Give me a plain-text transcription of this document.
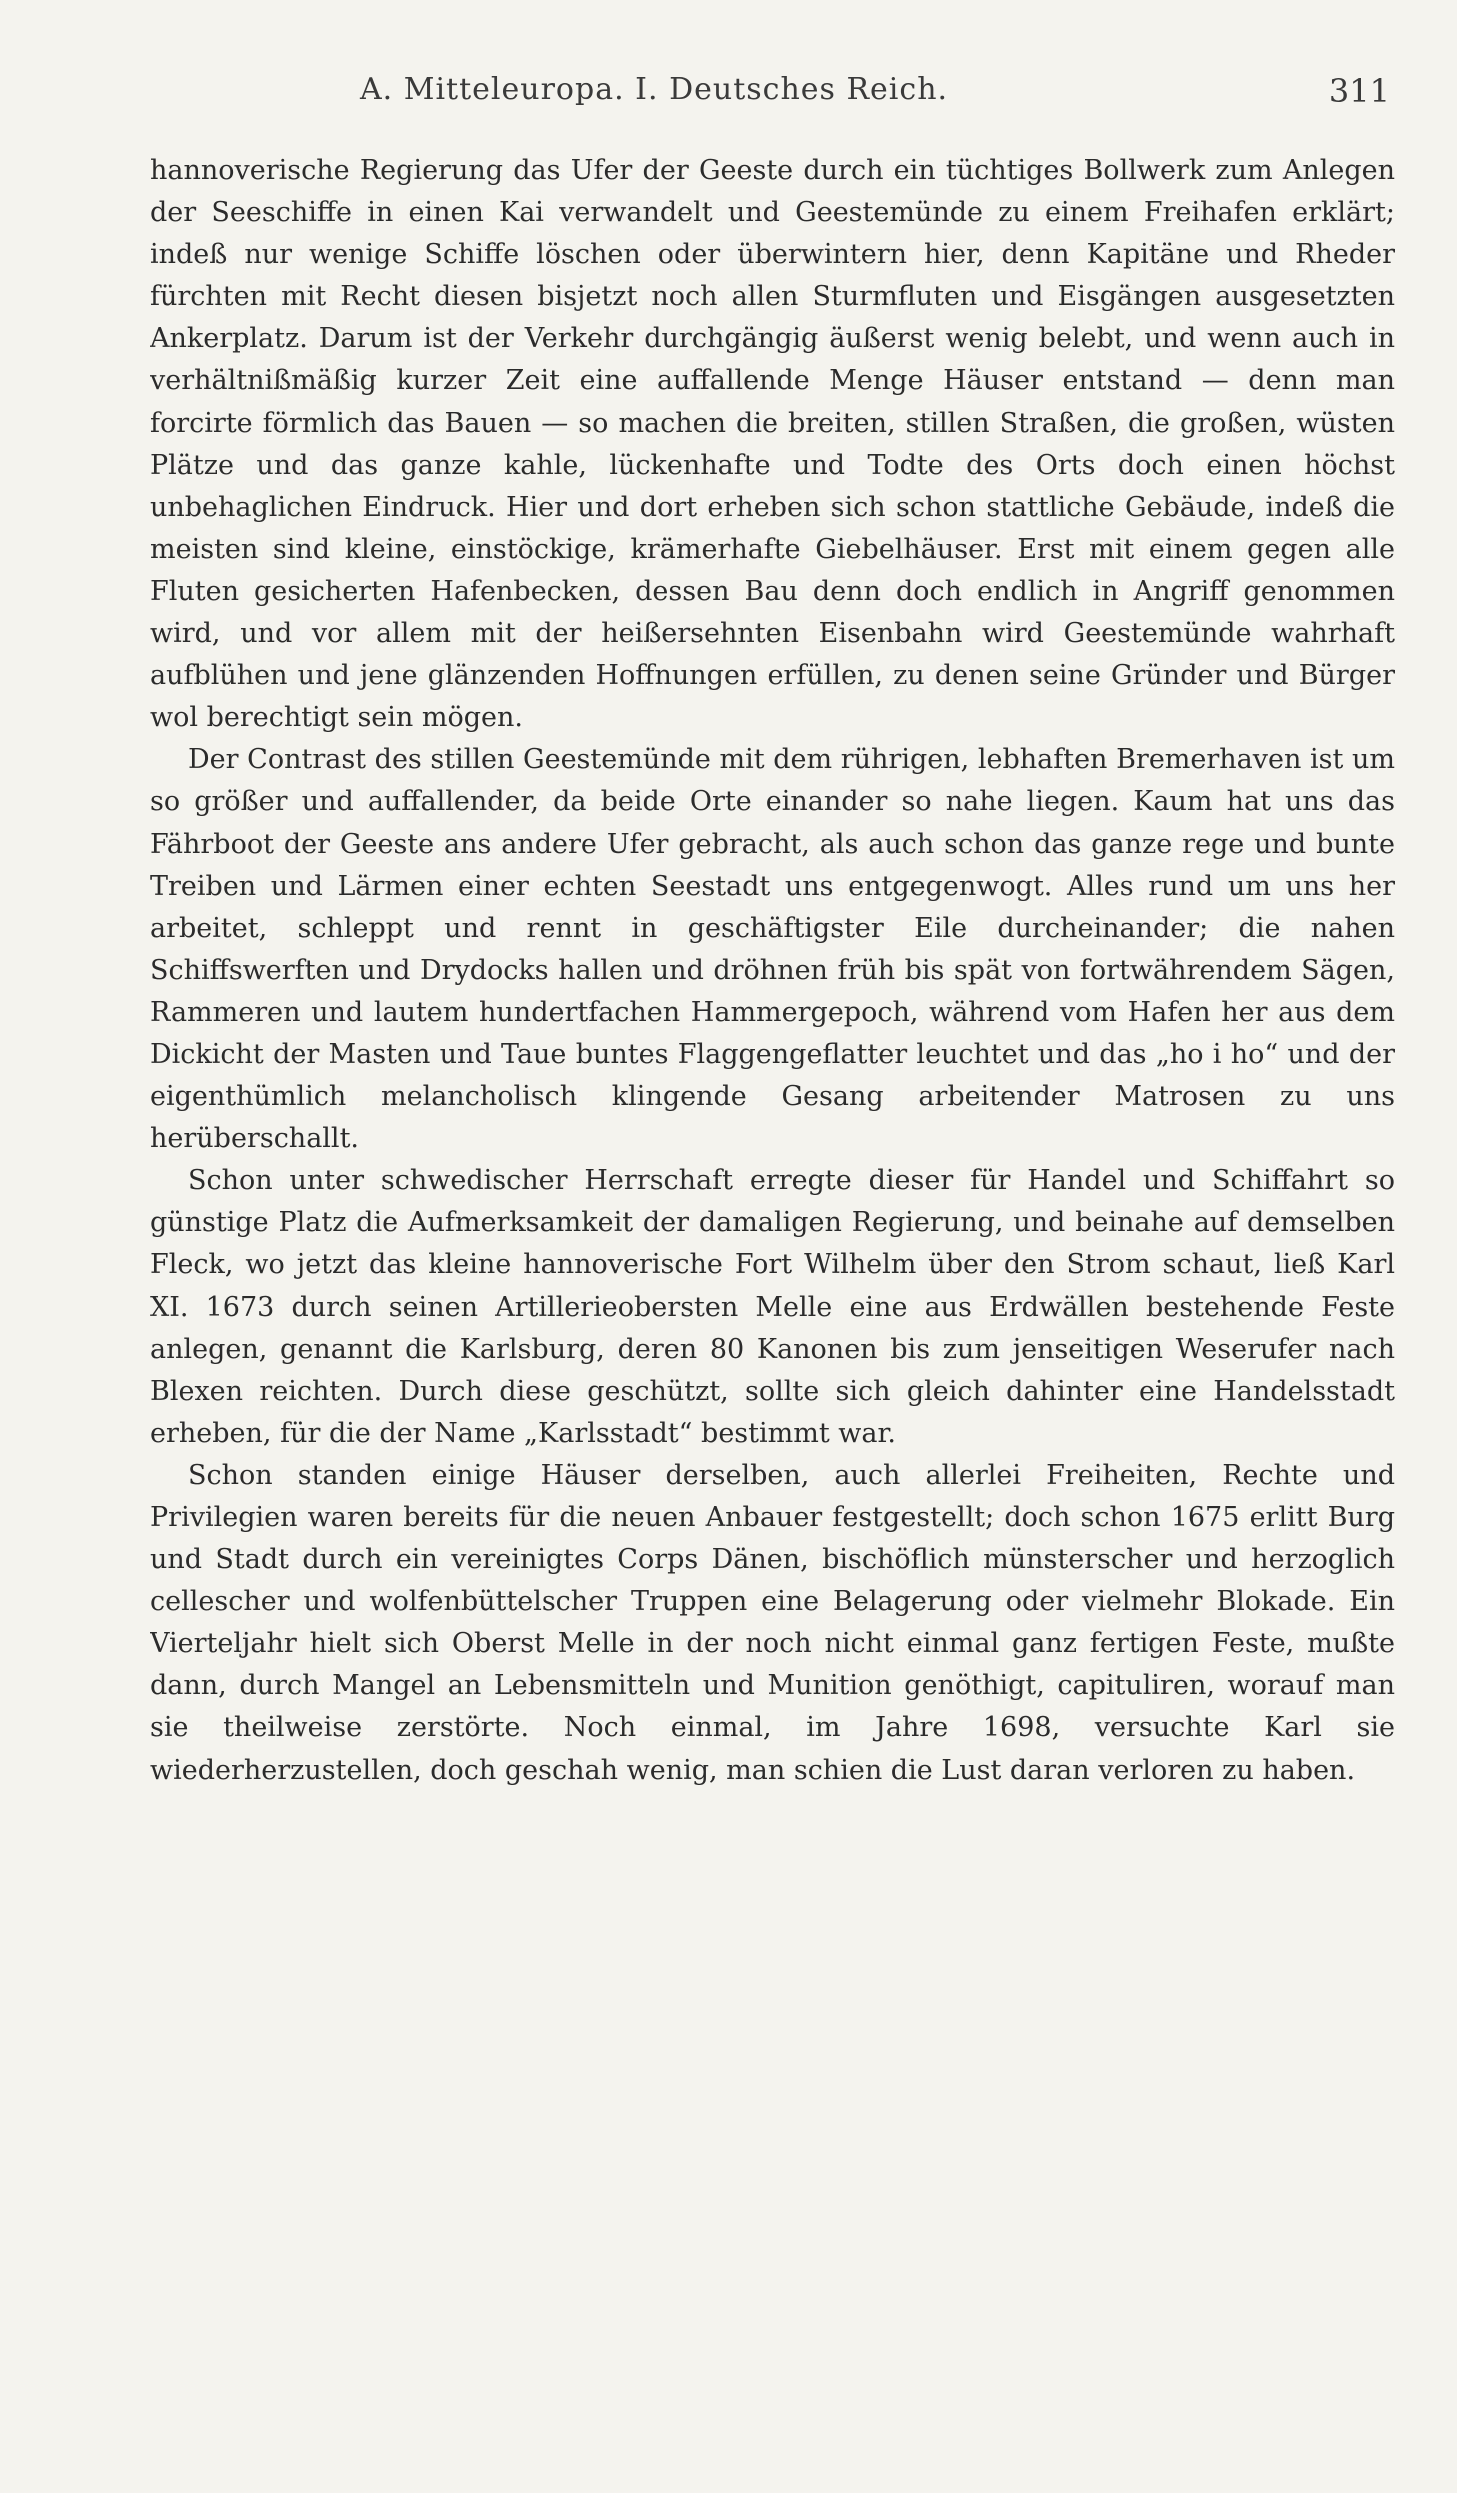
A. Mitteleuropa. I. Deutsches Reich.	311

hannoverische Regierung das Ufer der Geeste durch ein tüchtiges Bollwerk zum Anlegen der Seeschiffe in einen Kai verwandelt und Geestemünde zu einem Freihafen erklärt; indeß nur wenige Schiffe löschen oder überwintern hier, denn Kapitäne und Rheder fürchten mit Recht diesen bisjetzt noch allen Sturmfluten und Eisgängen ausgesetzten Ankerplatz. Darum ist der Verkehr durchgängig äußerst wenig belebt, und wenn auch in verhältnißmäßig kurzer Zeit eine auffallende Menge Häuser entstand — denn man forcirte förmlich das Bauen — so machen die breiten, stillen Straßen, die großen, wüsten Plätze und das ganze kahle, lückenhafte und Todte des Orts doch einen höchst unbehaglichen Eindruck. Hier und dort erheben sich schon stattliche Gebäude, indeß die meisten sind kleine, einstöckige, krämerhafte Giebelhäuser. Erst mit einem gegen alle Fluten gesicherten Hafenbecken, dessen Bau denn doch endlich in Angriff genommen wird, und vor allem mit der heißersehnten Eisenbahn wird Geestemünde wahrhaft aufblühen und jene glänzenden Hoffnungen erfüllen, zu denen seine Gründer und Bürger wol berechtigt sein mögen.

Der Contrast des stillen Geestemünde mit dem rührigen, lebhaften Bremerhaven ist um so größer und auffallender, da beide Orte einander so nahe liegen. Kaum hat uns das Fährboot der Geeste ans andere Ufer gebracht, als auch schon das ganze rege und bunte Treiben und Lärmen einer echten Seestadt uns entgegenwogt. Alles rund um uns her arbeitet, schleppt und rennt in geschäftigster Eile durcheinander; die nahen Schiffswerften und Drydocks hallen und dröhnen früh bis spät von fortwährendem Sägen, Rammeren und lautem hundertfachen Hammergepoch, während vom Hafen her aus dem Dickicht der Masten und Taue buntes Flaggengeflatter leuchtet und das „ho i ho“ und der eigenthümlich melancholisch klingende Gesang arbeitender Matrosen zu uns herüberschallt.

Schon unter schwedischer Herrschaft erregte dieser für Handel und Schiffahrt so günstige Platz die Aufmerksamkeit der damaligen Regierung, und beinahe auf demselben Fleck, wo jetzt das kleine hannoverische Fort Wilhelm über den Strom schaut, ließ Karl XI. 1673 durch seinen Artillerieobersten Melle eine aus Erdwällen bestehende Feste anlegen, genannt die Karlsburg, deren 80 Kanonen bis zum jenseitigen Weserufer nach Blexen reichten. Durch diese geschützt, sollte sich gleich dahinter eine Handelsstadt erheben, für die der Name „Karlsstadt“ bestimmt war.

Schon standen einige Häuser derselben, auch allerlei Freiheiten, Rechte und Privilegien waren bereits für die neuen Anbauer festgestellt; doch schon 1675 erlitt Burg und Stadt durch ein vereinigtes Corps Dänen, bischöflich münsterscher und herzoglich cellescher und wolfenbüttelscher Truppen eine Belagerung oder vielmehr Blokade. Ein Vierteljahr hielt sich Oberst Melle in der noch nicht einmal ganz fertigen Feste, mußte dann, durch Mangel an Lebensmitteln und Munition genöthigt, capituliren, worauf man sie theilweise zerstörte. Noch einmal, im Jahre 1698, versuchte Karl sie wiederherzustellen, doch geschah wenig, man schien die Lust daran verloren zu haben.
